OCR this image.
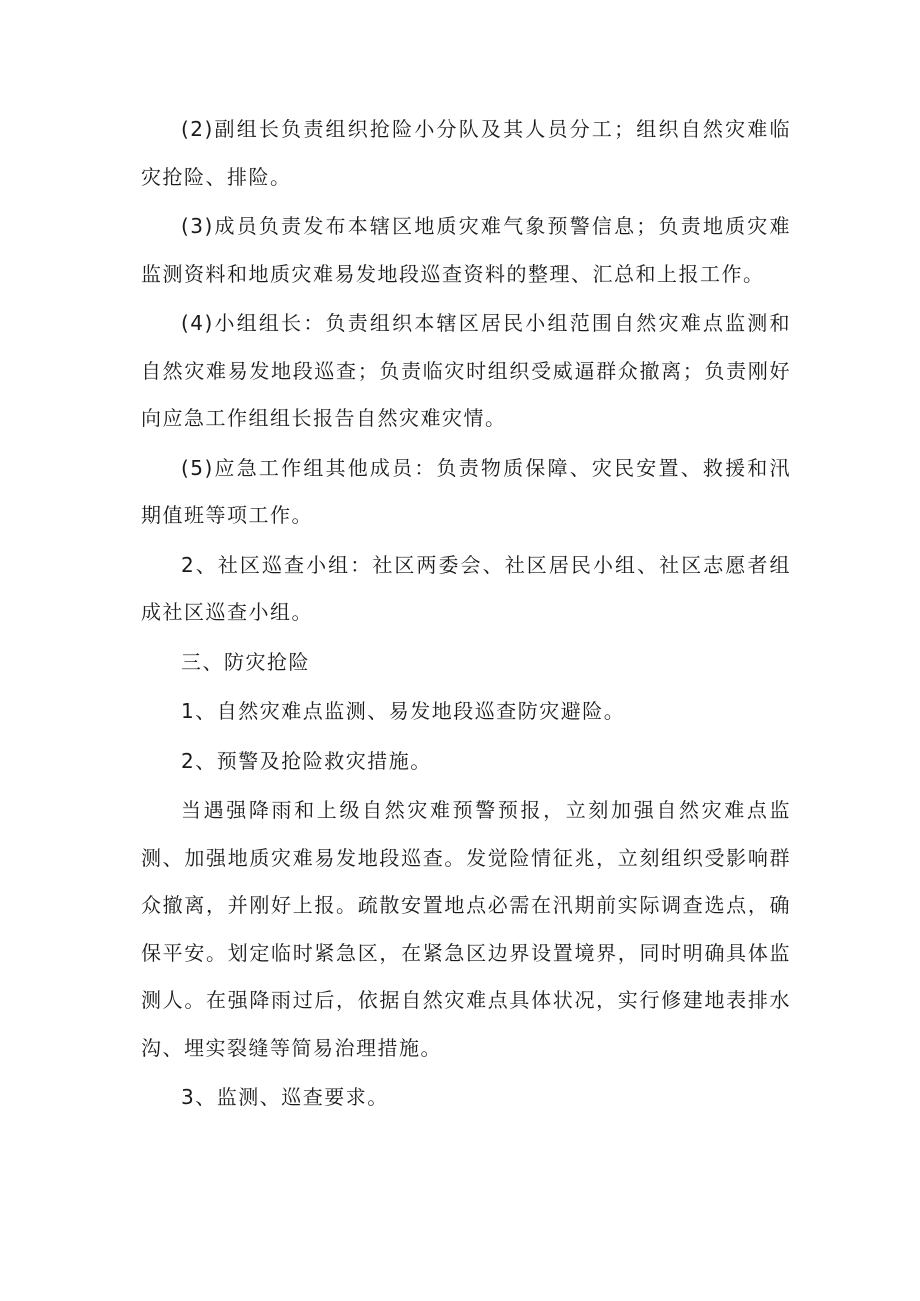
(2)副组长负责组织抢险小分队及其人员分工；组织自然灾难临灾抢险、排险。

(3)成员负责发布本辖区地质灾难气象预警信息；负责地质灾难监测资料和地质灾难易发地段巡查资料的整理、汇总和上报工作。

(4)小组组长：负责组织本辖区居民小组范围自然灾难点监测和自然灾难易发地段巡查；负责临灾时组织受威逼群众撤离；负责刚好向应急工作组组长报告自然灾难灾情。

(5)应急工作组其他成员：负责物质保障、灾民安置、救援和汛期值班等项工作。

2、社区巡查小组：社区两委会、社区居民小组、社区志愿者组成社区巡查小组。

三、防灾抢险

1、自然灾难点监测、易发地段巡查防灾避险。

2、预警及抢险救灾措施。

当遇强降雨和上级自然灾难预警预报，立刻加强自然灾难点监测、加强地质灾难易发地段巡查。发觉险情征兆，立刻组织受影响群众撤离，并刚好上报。疏散安置地点必需在汛期前实际调查选点，确保平安。划定临时紧急区，在紧急区边界设置境界，同时明确具体监测人。在强降雨过后，依据自然灾难点具体状况，实行修建地表排水沟、埋实裂缝等简易治理措施。

3、监测、巡查要求。
